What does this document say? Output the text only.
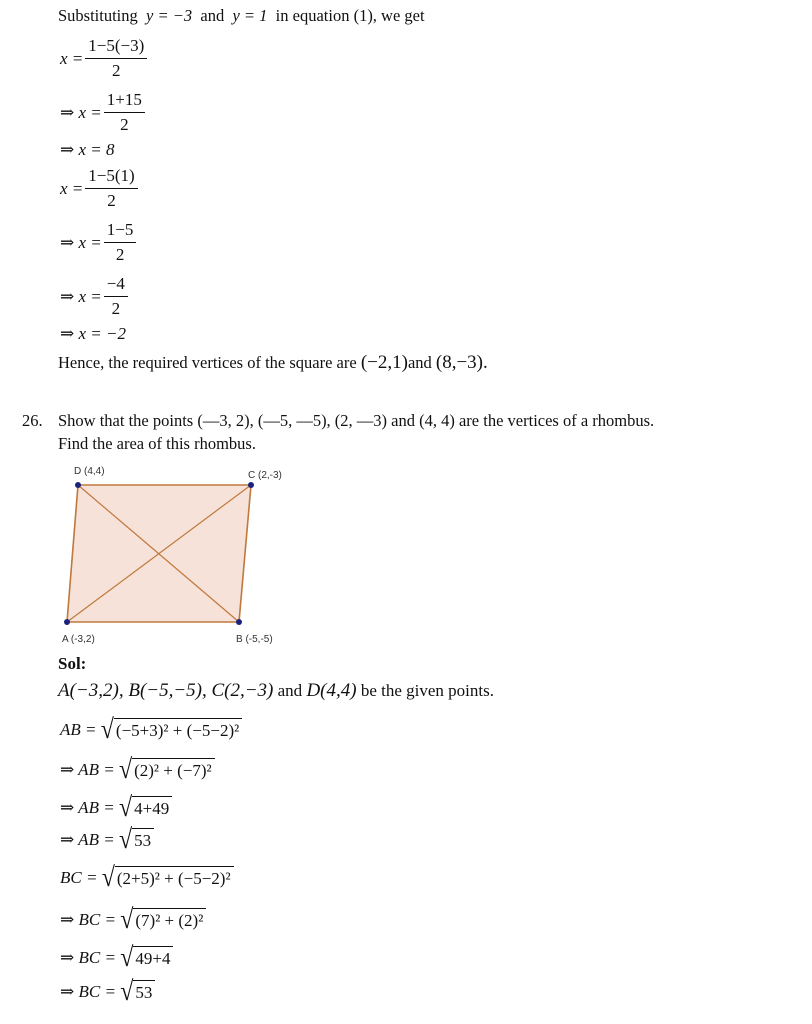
Substituting y = −3 and y = 1 in equation (1), we get
$x = \frac{1-5(-3)}{2}$
⇒ $x = \frac{1+15}{2}$
⇒ x = 8
$x = \frac{1-5(1)}{2}$
⇒ $x = \frac{1-5}{2}$
⇒ $x = \frac{-4}{2}$
⇒ x = −2
Hence, the required vertices of the square are
(−2,1) and
(8,−3).
26. Show that the points (—3, 2), (—5, —5), (2, —3) and (4, 4) are the vertices of a rhombus.
Find the area of this rhombus.
D (4,4)	C (2,-3)
A (-3,2)	B (-5,-5)
Sol:
A(−3,2), B(−5,−5), C(2,−3)
and
D(4,4)
be the given points.
AB =
√ (−5+3)² + (−5−2)²
⇒ AB =
√ (2)² + (−7)²
⇒ AB =
√ 4+49
⇒ AB =
√ 53
BC =
√ (2+5)² + (−5−2)²
⇒ BC =
√ (7)² + (2)²
⇒ BC =
√ 49+4
⇒ BC =
√ 53
